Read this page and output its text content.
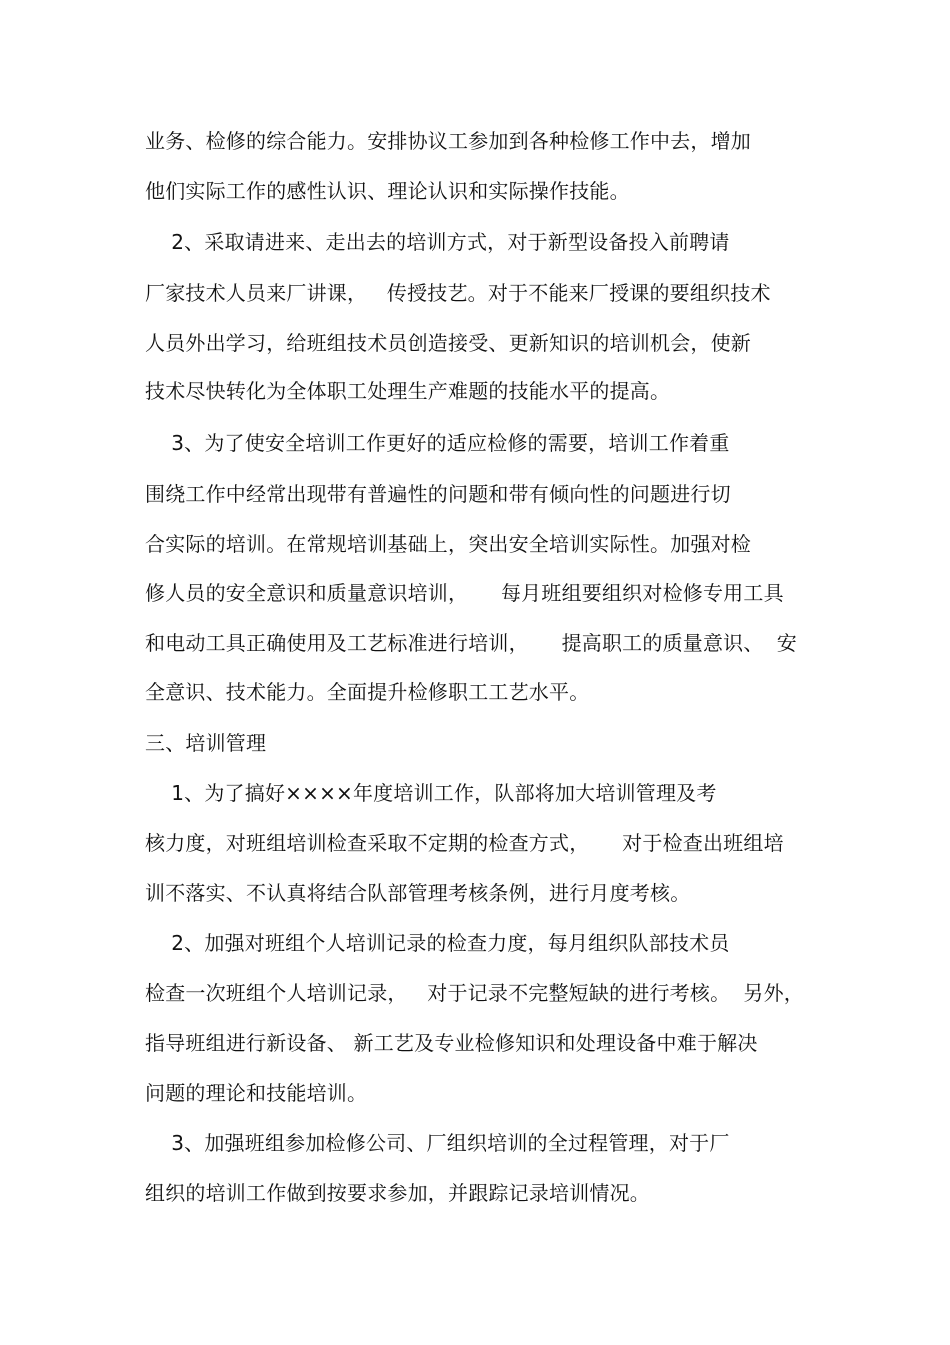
业务、检修的综合能力。安排协议工参加到各种检修工作中去，增加
他们实际工作的感性认识、理论认识和实际操作技能。
2、采取请进来、走出去的培训方式，对于新型设备投入前聘请
厂家技术人员来厂讲课，   传授技艺。对于不能来厂授课的要组织技术
人员外出学习，给班组技术员创造接受、更新知识的培训机会，使新
技术尽快转化为全体职工处理生产难题的技能水平的提高。
3、为了使安全培训工作更好的适应检修的需要，培训工作着重
围绕工作中经常出现带有普遍性的问题和带有倾向性的问题进行切
合实际的培训。在常规培训基础上，突出安全培训实际性。加强对检
修人员的安全意识和质量意识培训，     每月班组要组织对检修专用工具
和电动工具正确使用及工艺标准进行培训，     提高职工的质量意识、  安
全意识、技术能力。全面提升检修职工工艺水平。
三、培训管理
1、为了搞好××××年度培训工作，队部将加大培训管理及考
核力度，对班组培训检查采取不定期的检查方式，     对于检查出班组培
训不落实、不认真将结合队部管理考核条例，进行月度考核。
2、加强对班组个人培训记录的检查力度，每月组织队部技术员
检查一次班组个人培训记录，   对于记录不完整短缺的进行考核。  另外，
指导班组进行新设备、 新工艺及专业检修知识和处理设备中难于解决
问题的理论和技能培训。
3、加强班组参加检修公司、厂组织培训的全过程管理，对于厂
组织的培训工作做到按要求参加，并跟踪记录培训情况。
